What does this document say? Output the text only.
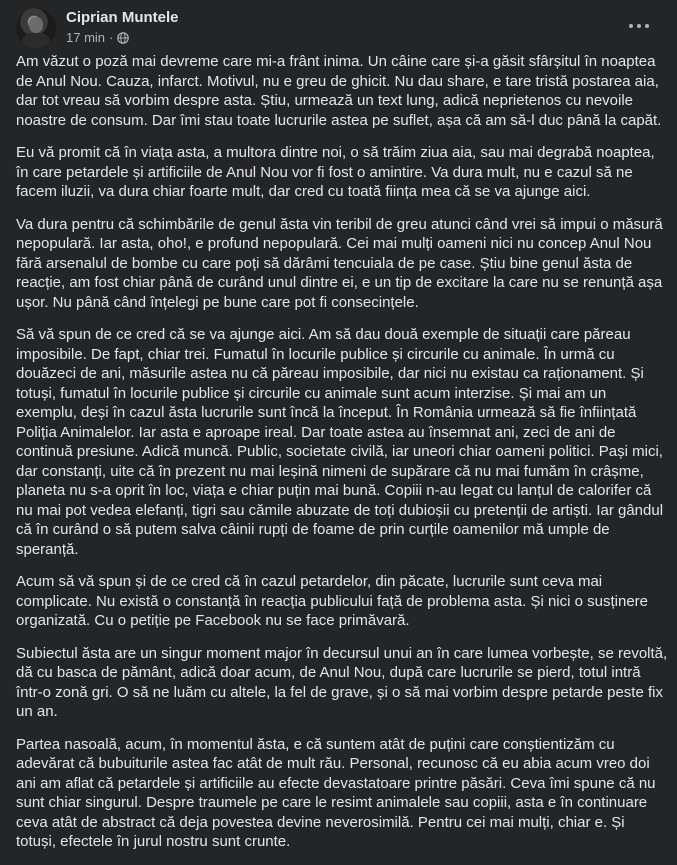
Ciprian Muntele
17 min ·

Am văzut o poză mai devreme care mi-a frânt inima. Un câine care și-a găsit sfârșitul în noaptea de Anul Nou. Cauza, infarct. Motivul, nu e greu de ghicit. Nu dau share, e tare tristă postarea aia, dar tot vreau să vorbim despre asta. Știu, urmează un text lung, adică neprietenos cu nevoile noastre de consum. Dar îmi stau toate lucrurile astea pe suflet, așa că am să-l duc până la capăt.

Eu vă promit că în viața asta, a multora dintre noi, o să trăim ziua aia, sau mai degrabă noaptea, în care petardele și artificiile de Anul Nou vor fi fost o amintire. Va dura mult, nu e cazul să ne facem iluzii, va dura chiar foarte mult, dar cred cu toată ființa mea că se va ajunge aici.

Va dura pentru că schimbările de genul ăsta vin teribil de greu atunci când vrei să impui o măsură nepopulară. Iar asta, oho!, e profund nepopulară. Cei mai mulți oameni nici nu concep Anul Nou fără arsenalul de bombe cu care poți să dărâmi tencuiala de pe case. Știu bine genul ăsta de reacție, am fost chiar până de curând unul dintre ei, e un tip de excitare la care nu se renunță așa ușor. Nu până când înțelegi pe bune care pot fi consecințele.

Să vă spun de ce cred că se va ajunge aici. Am să dau două exemple de situații care păreau imposibile. De fapt, chiar trei. Fumatul în locurile publice și circurile cu animale. În urmă cu douăzeci de ani, măsurile astea nu că păreau imposibile, dar nici nu existau ca raționament. Și totuși, fumatul în locurile publice și circurile cu animale sunt acum interzise. Și mai am un exemplu, deși în cazul ăsta lucrurile sunt încă la început. În România urmează să fie înființată Poliția Animalelor. Iar asta e aproape ireal. Dar toate astea au însemnat ani, zeci de ani de continuă presiune. Adică muncă. Public, societate civilă, iar uneori chiar oameni politici. Pași mici, dar constanți, uite că în prezent nu mai leșină nimeni de supărare că nu mai fumăm în crâșme, planeta nu s-a oprit în loc, viața e chiar puțin mai bună. Copiii n-au legat cu lanțul de calorifer că nu mai pot vedea elefanți, tigri sau cămile abuzate de toți dubioșii cu pretenții de artiști. Iar gândul că în curând o să putem salva câinii rupți de foame de prin curțile oamenilor mă umple de speranță.

Acum să vă spun și de ce cred că în cazul petardelor, din păcate, lucrurile sunt ceva mai complicate. Nu există o constanță în reacția publicului față de problema asta. Și nici o susținere organizată. Cu o petiție pe Facebook nu se face primăvară.

Subiectul ăsta are un singur moment major în decursul unui an în care lumea vorbește, se revoltă, dă cu basca de pământ, adică doar acum, de Anul Nou, după care lucrurile se pierd, totul intră într-o zonă gri. O să ne luăm cu altele, la fel de grave, și o să mai vorbim despre petarde peste fix un an.

Partea nasoală, acum, în momentul ăsta, e că suntem atât de puțini care conștientizăm cu adevărat că bubuiturile astea fac atât de mult rău. Personal, recunosc că eu abia acum vreo doi ani am aflat că petardele și artificiile au efecte devastatoare printre păsări. Ceva îmi spune că nu sunt chiar singurul. Despre traumele pe care le resimt animalele sau copiii, asta e în continuare ceva atât de abstract că deja povestea devine neverosimilă. Pentru cei mai mulți, chiar e. Și totuși, efectele în jurul nostru sunt crunte.
